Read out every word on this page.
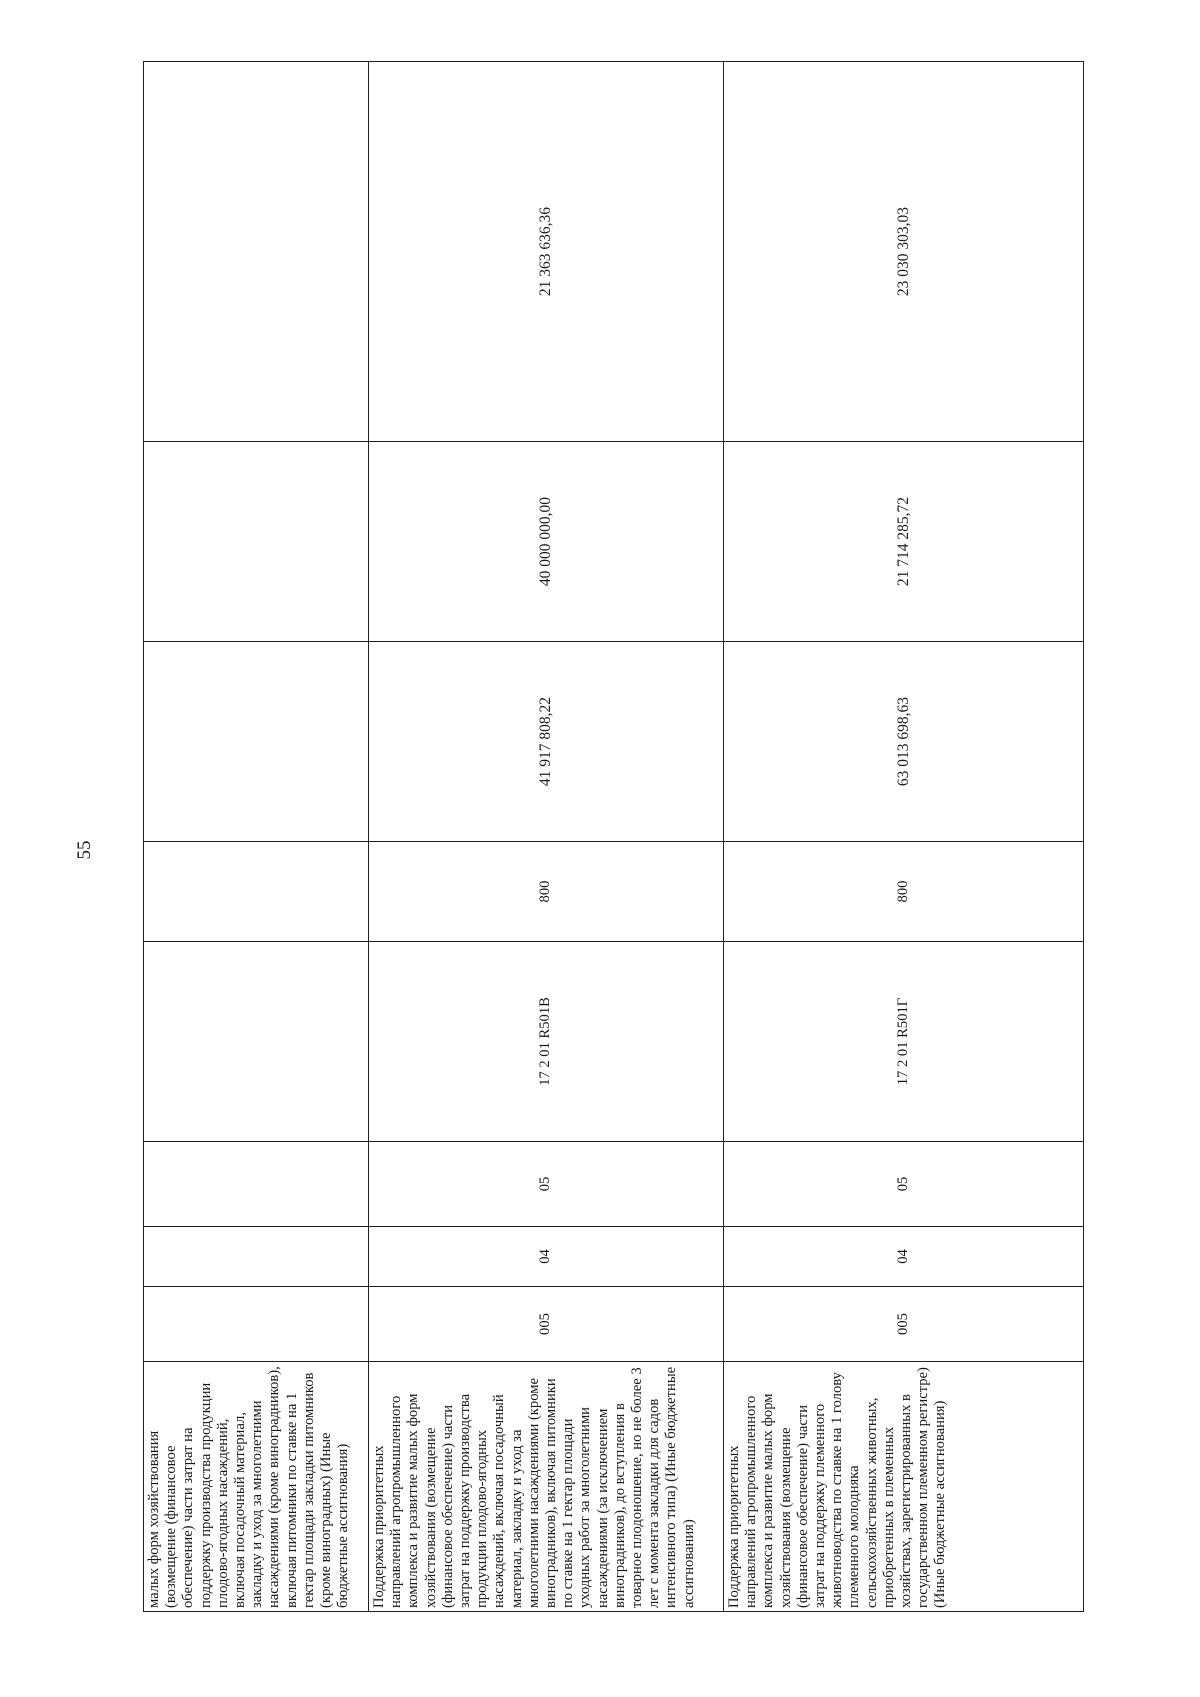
55
малых форм хозяйствования (возмещение (финансовое обеспечение) части затрат на поддержку производства продукции плодово-ягодных насаждений, включая посадочный материал, закладку и уход за многолетними насаждениями (кроме виноградников), включая питомники по ставке на 1 гектар площади закладки питомников (кроме виноградных) (Иные бюджетные ассигнования)								
Поддержка приоритетных направлений агропромышленного комплекса и развитие малых форм хозяйствования (возмещение (финансовое обеспечение) части затрат на поддержку производства продукции плодово-ягодных насаждений, включая посадочный материал, закладку и уход за многолетними насаждениями (кроме виноградников), включая питомники по ставке на 1 гектар площади уходных работ за многолетними насаждениями (за исключением виноградников), до вступления в товарное плодоношение, но не более 3 лет с момента закладки для садов интенсивного типа) (Иные бюджетные ассигнования)	005	04	05	17 2 01 R501В	800	41 917 808,22	40 000 000,00	21 363 636,36
Поддержка приоритетных направлений агропромышленного комплекса и развитие малых форм хозяйствования (возмещение (финансовое обеспечение) части затрат на поддержку племенного животноводства по ставке на 1 голову племенного молодняка сельскохозяйственных животных, приобретенных в племенных хозяйствах, зарегистрированных в государственном племенном регистре) (Иные бюджетные ассигнования)	005	04	05	17 2 01 R501Г	800	63 013 698,63	21 714 285,72	23 030 303,03
